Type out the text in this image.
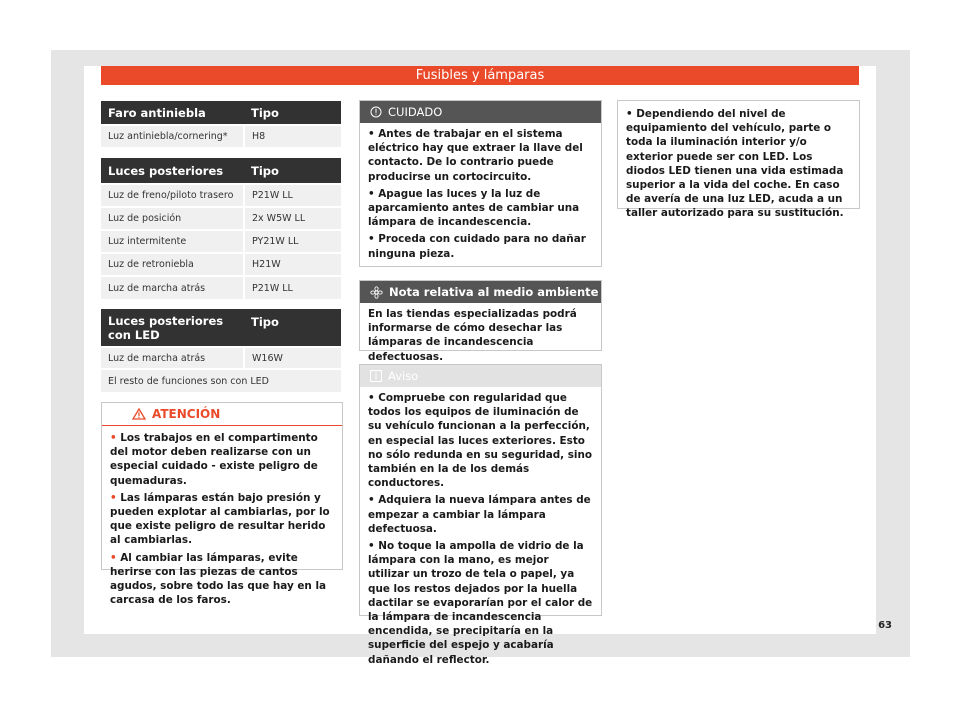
Fusibles y lámparas
Faro antiniebla	Tipo
Luz antiniebla/cornering*	H8
Luces posteriores	Tipo
Luz de freno/piloto trasero	P21W LL
Luz de posición	2x W5W LL
Luz intermitente	PY21W LL
Luz de retroniebla	H21W
Luz de marcha atrás	P21W LL
Luces posteriores con LED	Tipo
Luz de marcha atrás	W16W
El resto de funciones son con LED	
ATENCIÓN

• Los trabajos en el compartimento del motor deben realizarse con un especial cuidado - existe peligro de quemaduras.

• Las lámparas están bajo presión y pueden explotar al cambiarlas, por lo que existe peligro de resultar herido al cambiarlas.

• Al cambiar las lámparas, evite herirse con las piezas de cantos agudos, sobre todo las que hay en la carcasa de los faros.

CUIDADO

• Antes de trabajar en el sistema eléctrico hay que extraer la llave del contacto. De lo contrario puede producirse un cortocircuito.

• Apague las luces y la luz de aparcamiento antes de cambiar una lámpara de incandescencia.

• Proceda con cuidado para no dañar ninguna pieza.

Nota relativa al medio ambiente

En las tiendas especializadas podrá informarse de cómo desechar las lámparas de incandescencia defectuosas.

Aviso

• Compruebe con regularidad que todos los equipos de iluminación de su vehículo funcionan a la perfección, en especial las luces exteriores. Esto no sólo redunda en su seguridad, sino también en la de los demás conductores.

• Adquiera la nueva lámpara antes de empezar a cambiar la lámpara defectuosa.

• No toque la ampolla de vidrio de la lámpara con la mano, es mejor utilizar un trozo de tela o papel, ya que los restos dejados por la huella dactilar se evaporarían por el calor de la lámpara de incandescencia encendida, se precipitaría en la superficie del espejo y acabaría dañando el reflector.

• Dependiendo del nivel de equipamiento del vehículo, parte o toda la iluminación interior y/o exterior puede ser con LED. Los diodos LED tienen una vida estimada superior a la vida del coche. En caso de avería de una luz LED, acuda a un taller autorizado para su sustitución.

63
